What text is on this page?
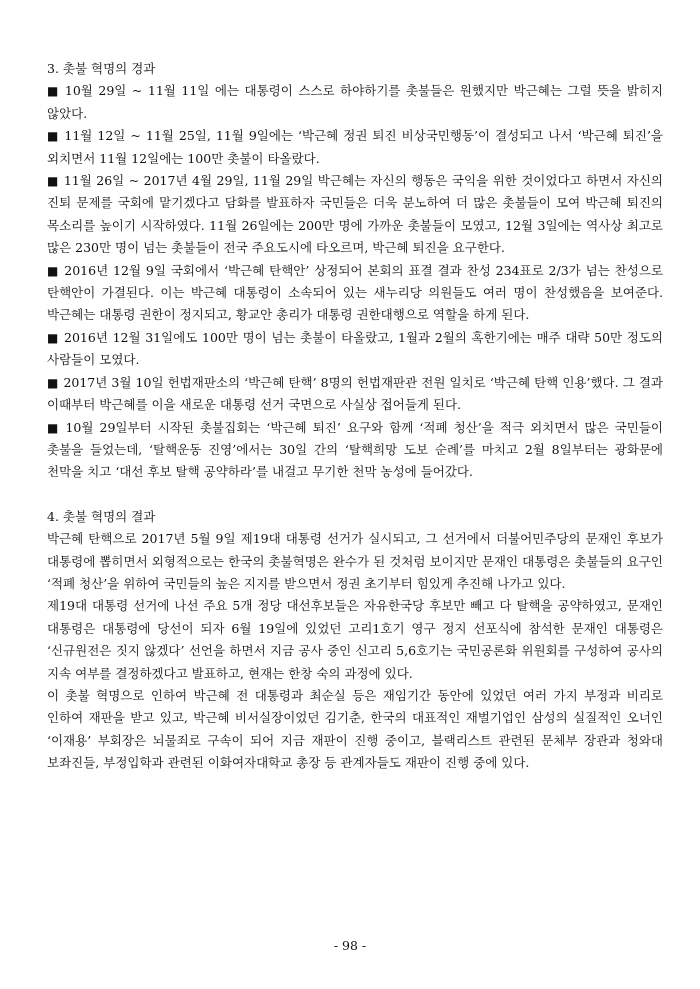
3. 촛불 혁명의 경과

■ 10월 29일 ~ 11월 11일 에는 대통령이 스스로 하야하기를 촛불들은 원했지만 박근혜는 그럴 뜻을 밝히지 않았다.

■ 11월 12일 ~ 11월 25일, 11월 9일에는 ‘박근혜 정권 퇴진 비상국민행동’이 결성되고 나서 ‘박근혜 퇴진’을 외치면서 11월 12일에는 100만 촛불이 타올랐다.

■ 11월 26일 ~ 2017년 4월 29일, 11월 29일 박근혜는 자신의 행동은 국익을 위한 것이었다고 하면서 자신의 진퇴 문제를 국회에 맡기겠다고 담화를 발표하자 국민들은 더욱 분노하여 더 많은 촛불들이 모여 박근혜 퇴진의 목소리를 높이기 시작하였다. 11월 26일에는 200만 명에 가까운 촛불들이 모였고, 12월 3일에는 역사상 최고로 많은 230만 명이 넘는 촛불들이 전국 주요도시에 타오르며, 박근혜 퇴진을 요구한다.

■ 2016년 12월 9일 국회에서 ‘박근혜 탄핵안’ 상정되어 본회의 표결 결과 찬성 234표로 2/3가 넘는 찬성으로 탄핵안이 가결된다. 이는 박근혜 대통령이 소속되어 있는 새누리당 의원들도 여러 명이 찬성했음을 보여준다. 박근혜는 대통령 권한이 정지되고, 황교안 총리가 대통령 권한대행으로 역할을 하게 된다.

■ 2016년 12월 31일에도 100만 명이 넘는 촛불이 타올랐고, 1월과 2월의 혹한기에는 매주 대략 50만 정도의 사람들이 모였다.

■ 2017년 3월 10일 헌법재판소의 ‘박근혜 탄핵’ 8명의 헌법재판관 전원 일치로 ‘박근혜 탄핵 인용’했다. 그 결과 이때부터 박근혜를 이을 새로운 대통령 선거 국면으로 사실상 접어들게 된다.

■ 10월 29일부터 시작된 촛불집회는 ‘박근혜 퇴진’ 요구와 함께 ‘적폐 청산’을 적극 외치면서 많은 국민들이 촛불을 들었는데, ‘탈핵운동 진영’에서는 30일 간의 ‘탈핵희망 도보 순례’를 마치고 2월 8일부터는 광화문에 천막을 치고 ‘대선 후보 탈핵 공약하라’를 내걸고 무기한 천막 농성에 들어갔다.

4. 촛불 혁명의 결과

박근혜 탄핵으로 2017년 5월 9일 제19대 대통령 선거가 실시되고, 그 선거에서 더불어민주당의 문재인 후보가 대통령에 뽑히면서 외형적으로는 한국의 촛불혁명은 완수가 된 것처럼 보이지만 문재인 대통령은 촛불들의 요구인 ‘적폐 청산’을 위하여 국민들의 높은 지지를 받으면서 정권 초기부터 힘있게 추진해 나가고 있다.

제19대 대통령 선거에 나선 주요 5개 정당 대선후보들은 자유한국당 후보만 빼고 다 탈핵을 공약하였고, 문재인 대통령은 대통령에 당선이 되자 6월 19일에 있었던 고리1호기 영구 정지 선포식에 참석한 문재인 대통령은 ‘신규원전은 짓지 않겠다’ 선언을 하면서 지금 공사 중인 신고리 5,6호기는 국민공론화 위원회를 구성하여 공사의 지속 여부를 결정하겠다고 발표하고, 현재는 한창 숙의 과정에 있다.

이 촛불 혁명으로 인하여 박근혜 전 대통령과 최순실 등은 재임기간 동안에 있었던 여러 가지 부정과 비리로 인하여 재판을 받고 있고, 박근혜 비서실장이었던 김기춘, 한국의 대표적인 재벌기업인 삼성의 실질적인 오너인 ‘이재용’ 부회장은 뇌물죄로 구속이 되어 지금 재판이 진행 중이고, 블랙리스트 관련된 문체부 장관과 청와대 보좌진들, 부정입학과 관련된 이화여자대학교 총장 등 관계자들도 재판이 진행 중에 있다.

- 98 -
